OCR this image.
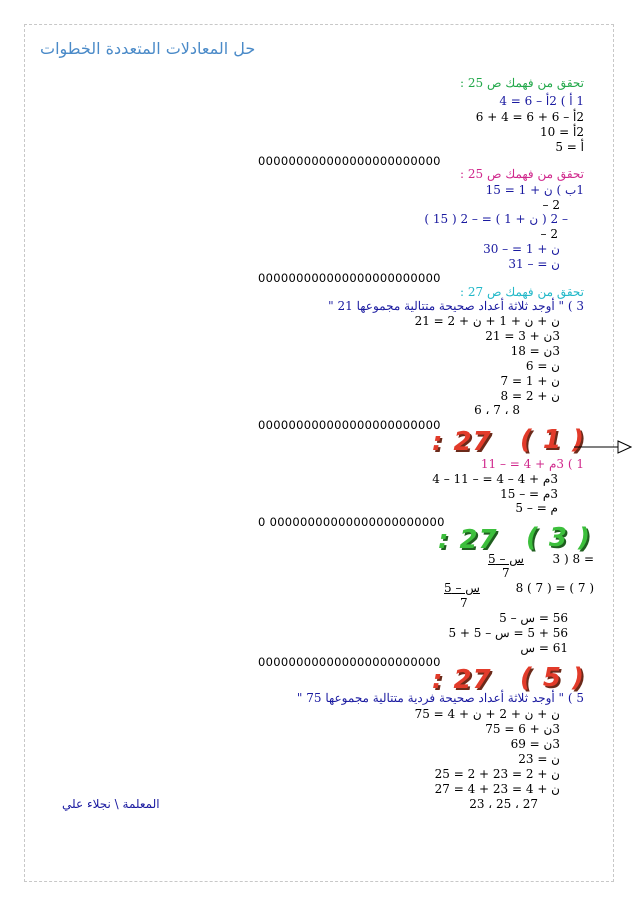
حل المعادلات المتعددة الخطوات
تحقق من فهمك ص 25 :
1 أ ) 2أ – 6 = 4
2أ – 6 + 6 = 4 + 6
2أ = 10
أ = 5
000000000000000000000000
تحقق من فهمك ص 25 :
1ب ) ن + 1 = 15
– 2
– 2 ( ن + 1 ) = – 2 ( 15 )
– 2
ن + 1 = – 30
ن = – 31
000000000000000000000000
تحقق من فهمك ص 27 :
3 ) " أوجد ثلاثة أعداد صحيحة متتالية مجموعها 21 "
ن + ن + 1 + ن + 2 = 21
3ن + 3 = 21
3ن = 18
ن = 6
ن + 1 = 7
ن + 2 = 8
6 ، 7 ، 8
000000000000000000000000
: 27 ( 1 )
1 ) 3م + 4 = – 11
3م + 4 – 4 = – 11 – 4
3م = – 15
م = – 5
0 00000000000000000000000
: 27 ( 3 )
3 ) 8 =
س – 5
7
8 ( 7 ) = ( 7 )
س – 5
7
56 = س – 5
56 + 5 = س – 5 + 5
61 = س
000000000000000000000000
: 27 ( 5 )
5 ) " أوجد ثلاثة أعداد صحيحة فردية متتالية مجموعها 75 "
ن + ن + 2 + ن + 4 = 75
3ن + 6 = 75
3ن = 69
ن = 23
ن + 2 = 23 + 2 = 25
ن + 4 = 23 + 4 = 27
23 ، 25 ، 27
المعلمة \ نجلاء علي
